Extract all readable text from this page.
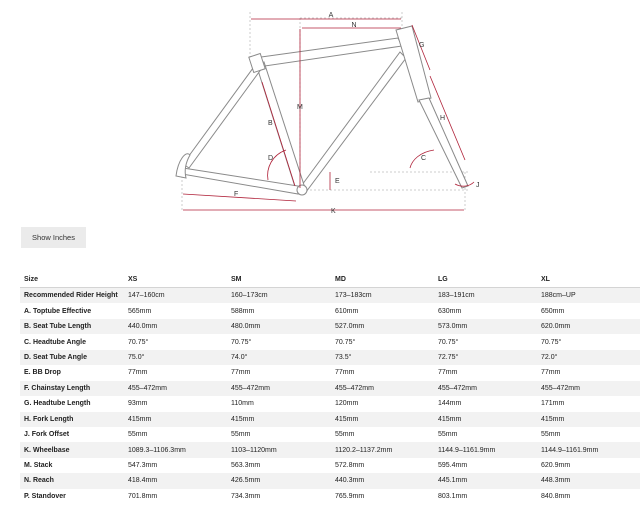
A
N
G
M
B
H
D	C
E
J
F
K
Show Inches
Size	XS	SM	MD	LG	XL
Recommended Rider Height	147–160cm	160–173cm	173–183cm	183–191cm	188cm–UP
A. Toptube Effective	565mm	588mm	610mm	630mm	650mm
B. Seat Tube Length	440.0mm	480.0mm	527.0mm	573.0mm	620.0mm
C. Headtube Angle	70.75°	70.75°	70.75°	70.75°	70.75°
D. Seat Tube Angle	75.0°	74.0°	73.5°	72.75°	72.0°
E. BB Drop	77mm	77mm	77mm	77mm	77mm
F. Chainstay Length	455–472mm	455–472mm	455–472mm	455–472mm	455–472mm
G. Headtube Length	93mm	110mm	120mm	144mm	171mm
H. Fork Length	415mm	415mm	415mm	415mm	415mm
J. Fork Offset	55mm	55mm	55mm	55mm	55mm
K. Wheelbase	1089.3–1106.3mm	1103–1120mm	1120.2–1137.2mm	1144.9–1161.9mm	1144.9–1161.9mm
M. Stack	547.3mm	563.3mm	572.8mm	595.4mm	620.9mm
N. Reach	418.4mm	426.5mm	440.3mm	445.1mm	448.3mm
P. Standover	701.8mm	734.3mm	765.9mm	803.1mm	840.8mm
